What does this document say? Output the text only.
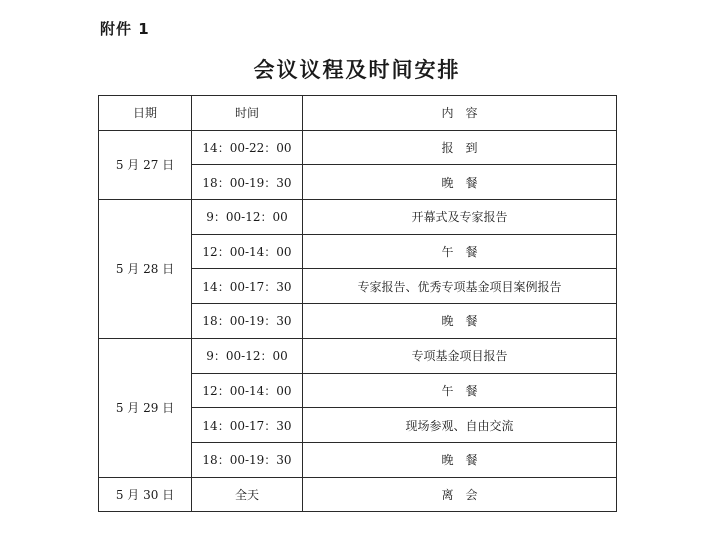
附件 1
会议议程及时间安排
日期	时间	内　容
5 月 27 日	14：00-22：00	报　到
	18：00-19：30	晚　餐
5 月 28 日	9：00-12：00	开幕式及专家报告
	12：00-14：00	午　餐
	14：00-17：30	专家报告、优秀专项基金项目案例报告
	18：00-19：30	晚　餐
5 月 29 日	9：00-12：00	专项基金项目报告
	12：00-14：00	午　餐
	14：00-17：30	现场参观、自由交流
	18：00-19：30	晚　餐
5 月 30 日	全天	离　会
